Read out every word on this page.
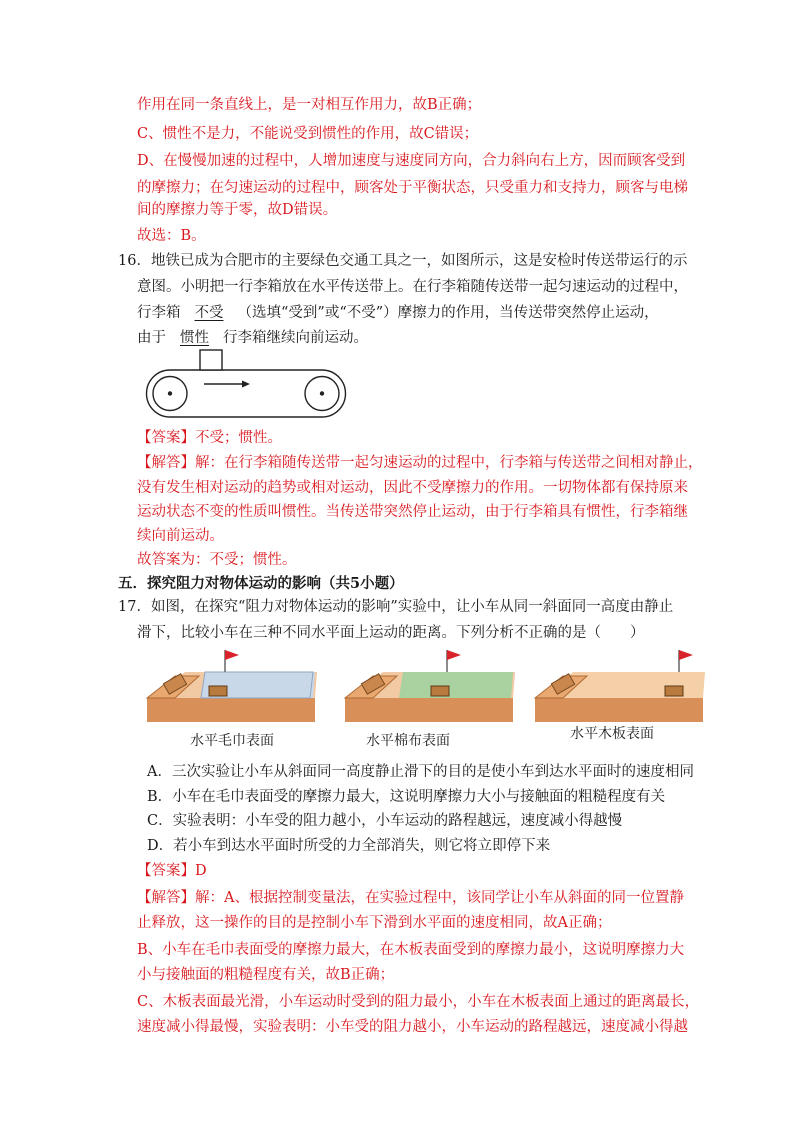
作用在同一条直线上，是一对相互作用力，故B正确；
C、惯性不是力，不能说受到惯性的作用，故C错误；
D、在慢慢加速的过程中，人增加速度与速度同方向，合力斜向右上方，因而顾客受到
的摩擦力；在匀速运动的过程中，顾客处于平衡状态，只受重力和支持力，顾客与电梯
间的摩擦力等于零，故D错误。
故选：B。
16．地铁已成为合肥市的主要绿色交通工具之一，如图所示，这是安检时传送带运行的示
意图。小明把一行李箱放在水平传送带上。在行李箱随传送带一起匀速运动的过程中，
行李箱 不受 （选填“受到”或“不受”）摩擦力的作用，当传送带突然停止运动，
由于 惯性 行李箱继续向前运动。
【答案】不受；惯性。
【解答】解：在行李箱随传送带一起匀速运动的过程中，行李箱与传送带之间相对静止，
没有发生相对运动的趋势或相对运动，因此不受摩擦力的作用。一切物体都有保持原来
运动状态不变的性质叫惯性。当传送带突然停止运动，由于行李箱具有惯性，行李箱继
续向前运动。
故答案为：不受；惯性。
五．探究阻力对物体运动的影响（共5小题）
17．如图，在探究“阻力对物体运动的影响”实验中，让小车从同一斜面同一高度由静止
滑下，比较小车在三种不同水平面上运动的距离。下列分析不正确的是（　　）
水平毛巾表面	水平棉布表面	水平木板表面
A．三次实验让小车从斜面同一高度静止滑下的目的是使小车到达水平面时的速度相同
B．小车在毛巾表面受的摩擦力最大，这说明摩擦力大小与接触面的粗糙程度有关
C．实验表明：小车受的阻力越小，小车运动的路程越远，速度减小得越慢
D．若小车到达水平面时所受的力全部消失，则它将立即停下来
【答案】D
【解答】解：A、根据控制变量法，在实验过程中，该同学让小车从斜面的同一位置静
止释放，这一操作的目的是控制小车下滑到水平面的速度相同，故A正确；
B、小车在毛巾表面受的摩擦力最大，在木板表面受到的摩擦力最小，这说明摩擦力大
小与接触面的粗糙程度有关，故B正确；
C、木板表面最光滑，小车运动时受到的阻力最小，小车在木板表面上通过的距离最长，
速度减小得最慢，实验表明：小车受的阻力越小，小车运动的路程越远，速度减小得越
